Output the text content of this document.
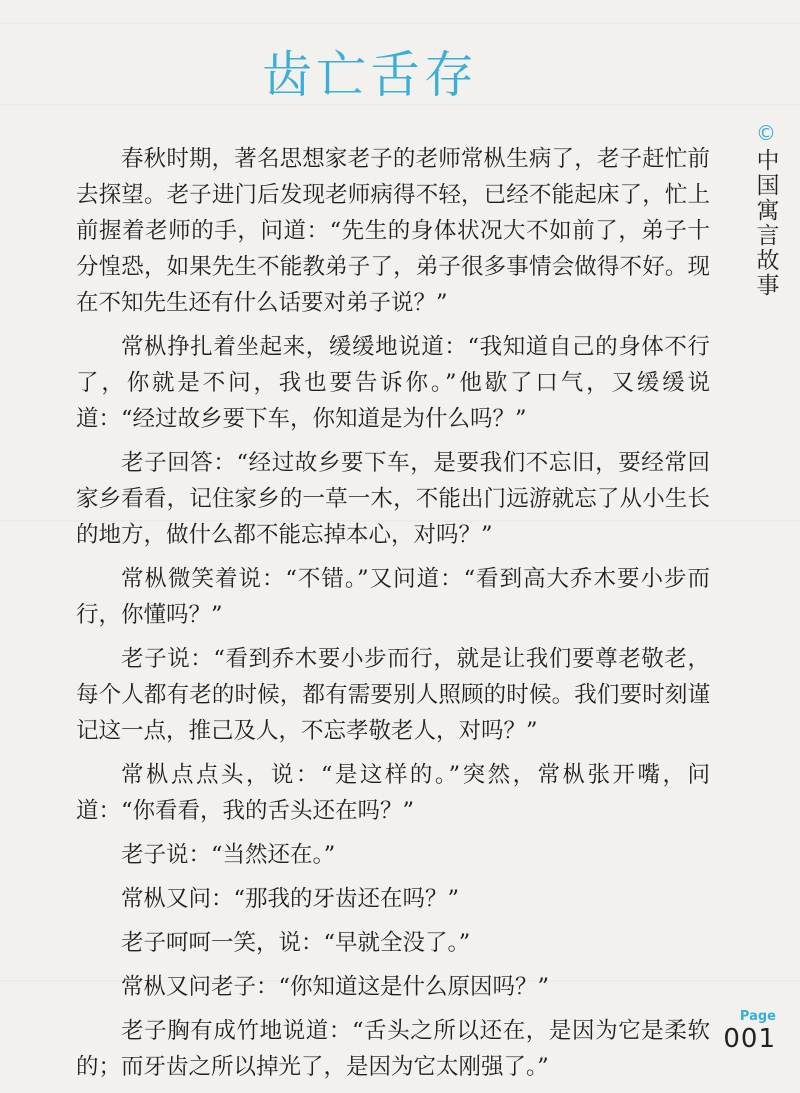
齿亡舌存
©
中国寓言故事

春秋时期，著名思想家老子的老师常枞生病了，老子赶忙前去探望。老子进门后发现老师病得不轻，已经不能起床了，忙上前握着老师的手，问道：“先生的身体状况大不如前了，弟子十分惶恐，如果先生不能教弟子了，弟子很多事情会做得不好。现在不知先生还有什么话要对弟子说？”

常枞挣扎着坐起来，缓缓地说道：“我知道自己的身体不行了，你就是不问，我也要告诉你。”他歇了口气，又缓缓说道：“经过故乡要下车，你知道是为什么吗？”

老子回答：“经过故乡要下车，是要我们不忘旧，要经常回家乡看看，记住家乡的一草一木，不能出门远游就忘了从小生长的地方，做什么都不能忘掉本心，对吗？”

常枞微笑着说：“不错。”又问道：“看到高大乔木要小步而行，你懂吗？”

老子说：“看到乔木要小步而行，就是让我们要尊老敬老，每个人都有老的时候，都有需要别人照顾的时候。我们要时刻谨记这一点，推己及人，不忘孝敬老人，对吗？”

常枞点点头，说：“是这样的。”突然，常枞张开嘴，问道：“你看看，我的舌头还在吗？”

老子说：“当然还在。”

常枞又问：“那我的牙齿还在吗？”

老子呵呵一笑，说：“早就全没了。”

常枞又问老子：“你知道这是什么原因吗？”

老子胸有成竹地说道：“舌头之所以还在，是因为它是柔软的；而牙齿之所以掉光了，是因为它太刚强了。”

Page
001
